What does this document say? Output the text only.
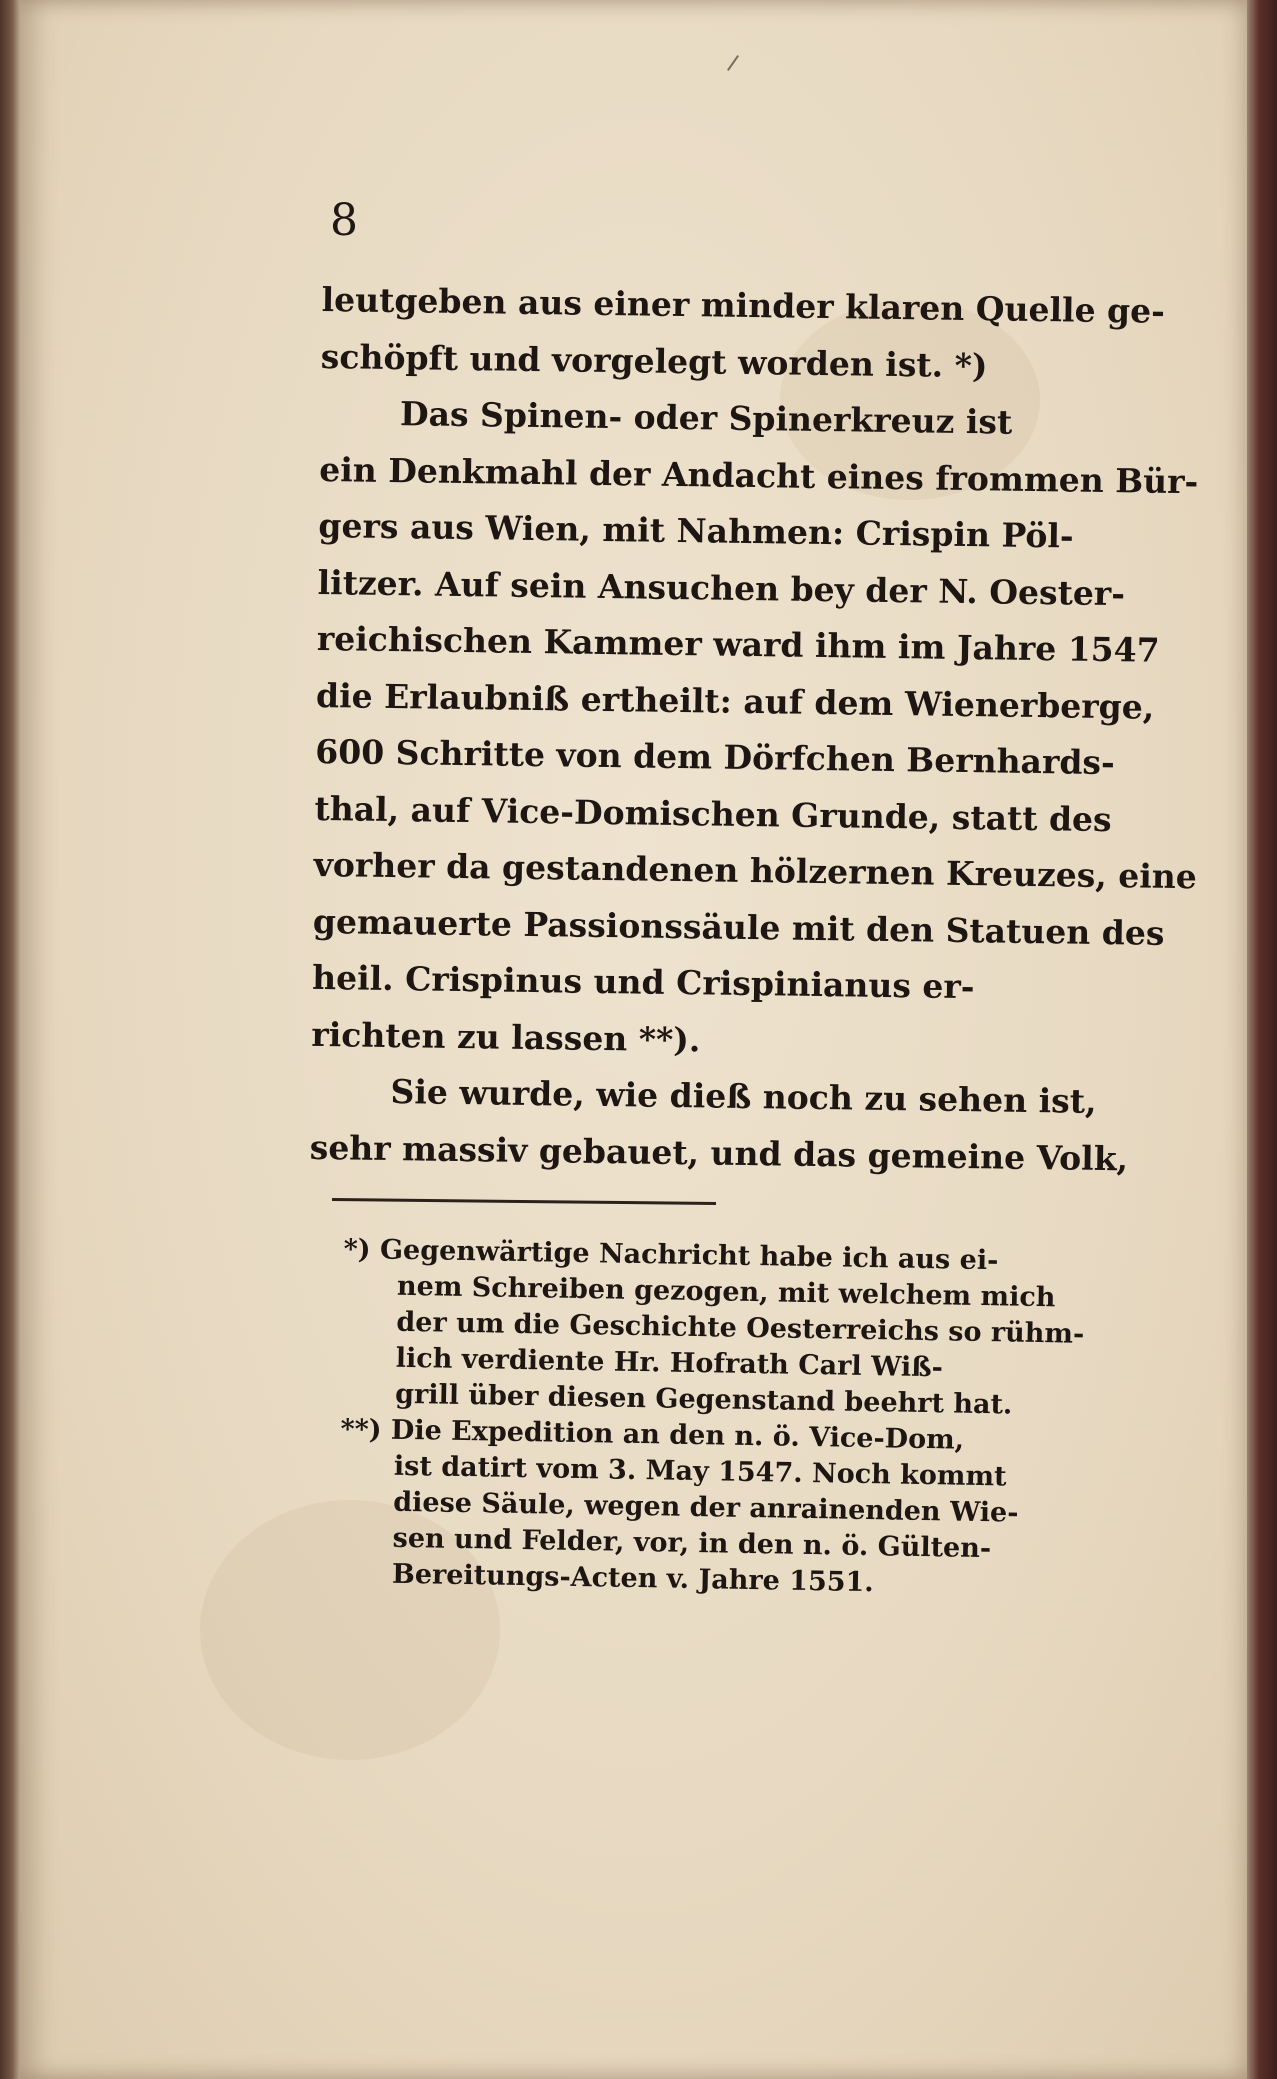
8
leutgeben aus einer minder klaren Quelle ge-
schöpft und vorgelegt worden ist. *)
Das Spinen- oder Spinerkreuz ist
ein Denkmahl der Andacht eines frommen Bür-
gers aus Wien, mit Nahmen: Crispin Pöl-
litzer. Auf sein Ansuchen bey der N. Oester-
reichischen Kammer ward ihm im Jahre 1547
die Erlaubniß ertheilt: auf dem Wienerberge,
600 Schritte von dem Dörfchen Bernhards-
thal, auf Vice-Domischen Grunde, statt des
vorher da gestandenen hölzernen Kreuzes, eine
gemauerte Passionssäule mit den Statuen des
heil. Crispinus und Crispinianus er-
richten zu lassen **).
Sie wurde, wie dieß noch zu sehen ist,
sehr massiv gebauet, und das gemeine Volk,
*) Gegenwärtige Nachricht habe ich aus ei-
nem Schreiben gezogen, mit welchem mich
der um die Geschichte Oesterreichs so rühm-
lich verdiente Hr. Hofrath Carl Wiß-
grill über diesen Gegenstand beehrt hat.
**) Die Expedition an den n. ö. Vice-Dom,
ist datirt vom 3. May 1547. Noch kommt
diese Säule, wegen der anrainenden Wie-
sen und Felder, vor, in den n. ö. Gülten-
Bereitungs-Acten v. Jahre 1551.
